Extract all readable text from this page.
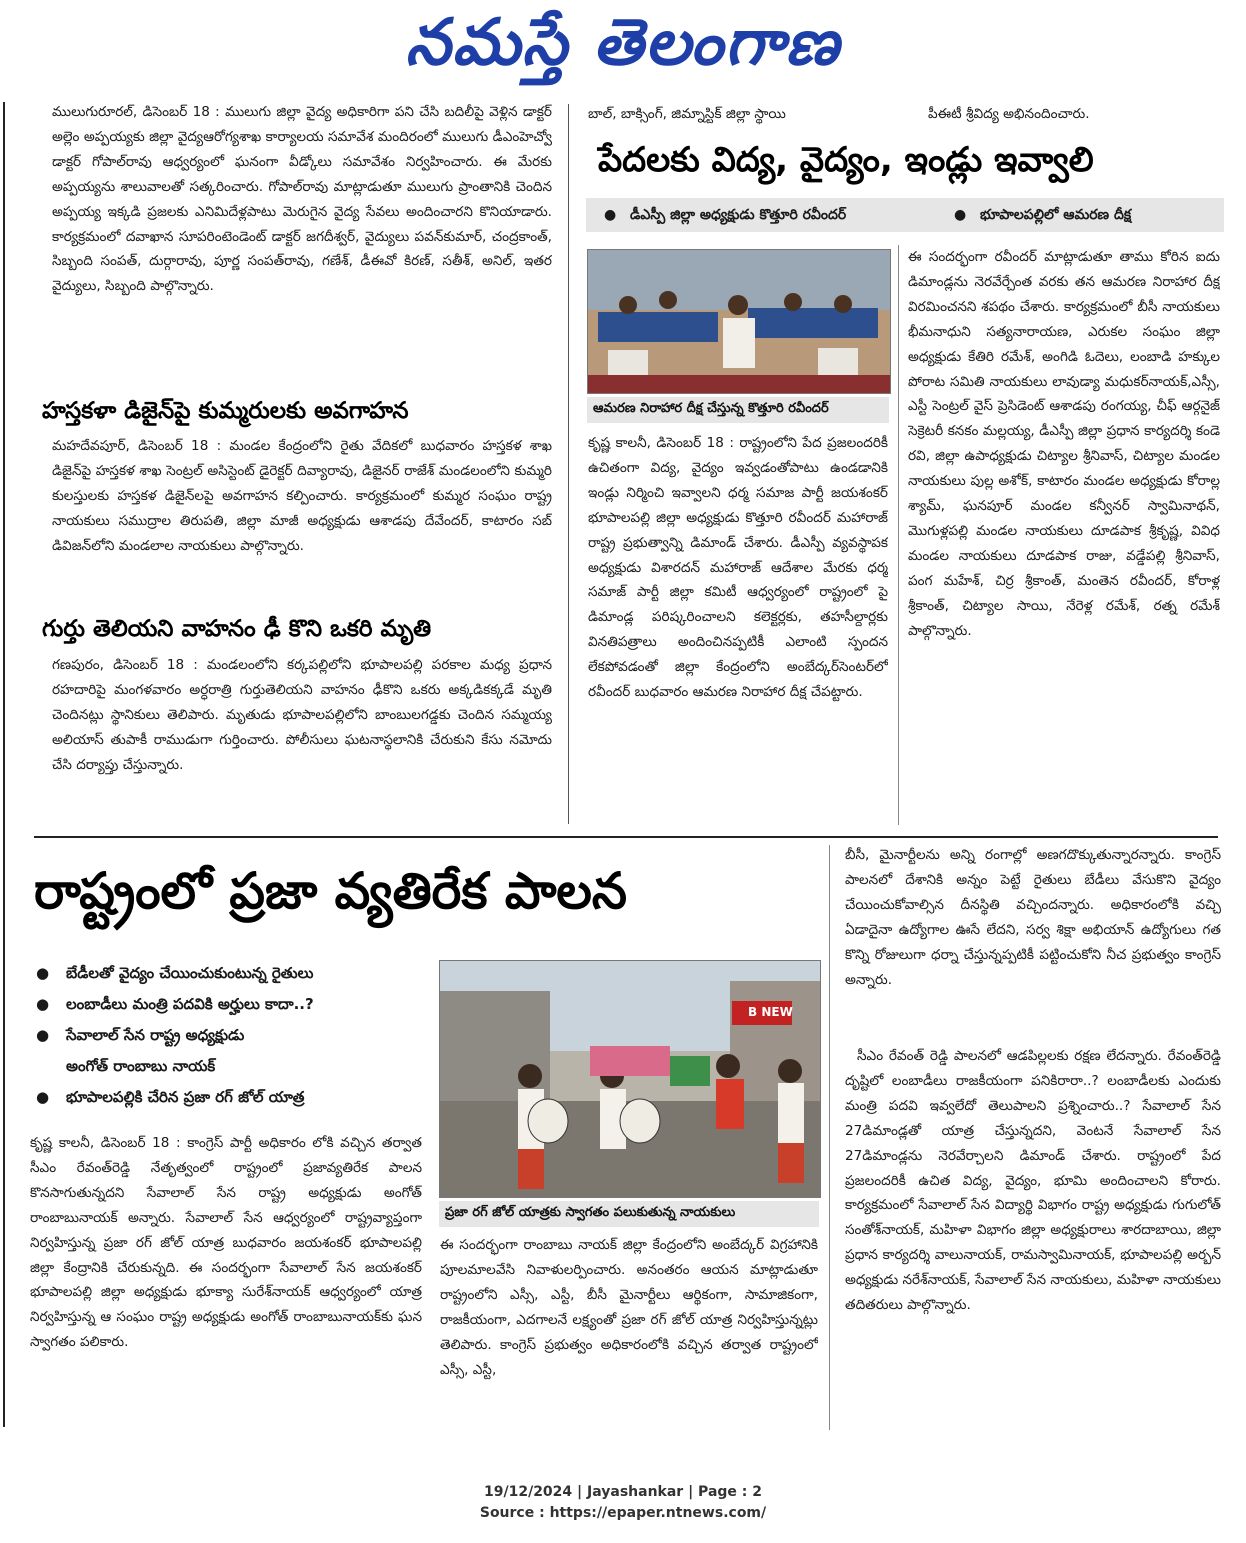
నమస్తే తెలంగాణ
ములుగురూరల్, డిసెంబర్ 18 : ములుగు జిల్లా వైద్య అధికారిగా పని చేసి బదిలీపై వెళ్లిన డాక్టర్ అల్లెం అప్పయ్యకు జిల్లా వైద్యఆరోగ్యశాఖ కార్యాలయ సమావేశ మందిరంలో ములుగు డీఎంహెచ్వో డాక్టర్ గోపాల్‌రావు ఆధ్వర్యంలో ఘనంగా వీడ్కోలు సమావేశం నిర్వహించారు. ఈ మేరకు అప్పయ్యను శాలువాలతో సత్కరించారు. గోపాల్‌రావు మాట్లాడుతూ ములుగు ప్రాంతానికి చెందిన అప్పయ్య ఇక్కడి ప్రజలకు ఎనిమిదేళ్లపాటు మెరుగైన వైద్య సేవలు అందించారని కొనియాడారు. కార్యక్రమంలో దవాఖాన సూపరింటెండెంట్ డాక్టర్ జగదీశ్వర్, వైద్యులు పవన్‌కుమార్, చంద్రకాంత్, సిబ్బంది సంపత్, దుర్గారావు, పూర్ణ సంపత్‌రావు, గణేశ్, డీఈవో కిరణ్, సతీశ్, అనిల్, ఇతర వైద్యులు, సిబ్బంది పాల్గొన్నారు.
హస్తకళా డిజైన్‌పై కుమ్మరులకు అవగాహన
మహదేవపూర్, డిసెంబర్ 18 : మండల కేంద్రంలోని రైతు వేదికలో బుధవారం హస్తకళ శాఖ డిజైన్‌పై హస్తకళ శాఖ సెంట్రల్ అసిస్టెంట్ డైరెక్టర్ దివ్యారావు, డిజైనర్ రాజేశ్ మండలంలోని కుమ్మరి కులస్తులకు హస్తకళ డిజైన్‌లపై అవగాహన కల్పించారు. కార్యక్రమంలో కుమ్మర సంఘం రాష్ట్ర నాయకులు సముద్రాల తిరుపతి, జిల్లా మాజీ అధ్యక్షుడు ఆశాడపు దేవేందర్, కాటారం సబ్ డివిజన్‌లోని మండలాల నాయకులు పాల్గొన్నారు.
గుర్తు తెలియని వాహనం ఢీ కొని ఒకరి మృతి
గణపురం, డిసెంబర్ 18 : మండలంలోని కర్కపల్లిలోని భూపాలపల్లి పరకాల మధ్య ప్రధాన రహదారిపై మంగళవారం అర్ధరాత్రి గుర్తుతెలియని వాహనం ఢీకొని ఒకరు అక్కడికక్కడే మృతి చెందినట్లు స్థానికులు తెలిపారు. మృతుడు భూపాలపల్లిలోని బాంబులగడ్డకు చెందిన సమ్మయ్య అలియాస్ తుపాకీ రాముడుగా గుర్తించారు. పోలీసులు ఘటనాస్థలానికి చేరుకుని కేసు నమోదు చేసి దర్యాప్తు చేస్తున్నారు.
బాల్, బాక్సింగ్, జిమ్నాస్టిక్ జిల్లా స్థాయి	పీఈటీ శ్రీవిద్య అభినందించారు.
పేదలకు విద్య, వైద్యం, ఇండ్లు ఇవ్వాలి
● డీఎస్పీ జిల్లా అధ్యక్షుడు కొత్తూరి రవీందర్	● భూపాలపల్లిలో ఆమరణ దీక్ష
ఆమరణ నిరాహార దీక్ష చేస్తున్న కొత్తూరి రవీందర్
కృష్ణ కాలనీ, డిసెంబర్ 18 : రాష్ట్రంలోని పేద ప్రజలందరికీ ఉచితంగా విద్య, వైద్యం ఇవ్వడంతోపాటు ఉండడానికి ఇండ్లు నిర్మించి ఇవ్వాలని ధర్మ సమాజ పార్టీ జయశంకర్ భూపాలపల్లి జిల్లా అధ్యక్షుడు కొత్తూరి రవీందర్ మహారాజ్ రాష్ట్ర ప్రభుత్వాన్ని డిమాండ్ చేశారు. డీఎస్పీ వ్యవస్థాపక అధ్యక్షుడు విశారదన్ మహారాజ్ ఆదేశాల మేరకు ధర్మ సమాజ్ పార్టీ జిల్లా కమిటీ ఆధ్వర్యంలో రాష్ట్రంలో పై డిమాండ్ల పరిష్కరించాలని కలెక్టర్లకు, తహసీల్దార్లకు వినతిపత్రాలు అందించినప్పటికీ ఎలాంటి స్పందన లేకపోవడంతో జిల్లా కేంద్రంలోని అంబేద్కర్‌సెంటర్‌లో రవీందర్ బుధవారం ఆమరణ నిరాహార దీక్ష చేపట్టారు.
ఈ సందర్భంగా రవీందర్ మాట్లాడుతూ తాము కోరిన ఐదు డిమాండ్లను నెరవేర్చేంత వరకు తన ఆమరణ నిరాహార దీక్ష విరమించనని శపథం చేశారు. కార్యక్రమంలో బీసీ నాయకులు భీమనాధుని సత్యనారాయణ, ఎరుకల సంఘం జిల్లా అధ్యక్షుడు కేతిరి రమేశ్, అంగిడి ఓదెలు, లంబాడి హక్కుల పోరాట సమితి నాయకులు లావుడ్యా మధుకర్‌నాయక్,ఎస్సీ, ఎస్టీ సెంట్రల్ వైస్ ప్రెసిడెంట్ ఆశాడపు రంగయ్య, చీఫ్ ఆర్గనైజ్ సెక్రెటరీ కనకం మల్లయ్య, డీఎస్పీ జిల్లా ప్రధాన కార్యదర్శి కండె రవి, జిల్లా ఉపాధ్యక్షుడు చిట్యాల శ్రీనివాస్, చిట్యాల మండల నాయకులు పుల్ల అశోక్, కాటారం మండల అధ్యక్షుడు కోరాల్ల శ్యామ్, ఘనపూర్ మండల కన్వీనర్ స్వామినాథన్, మొగుళ్లపల్లి మండల నాయకులు దూడపాక శ్రీకృష్ణ, వివిధ మండల నాయకులు దూడపాక రాజు, వడ్డేపల్లి శ్రీనివాస్, పంగ మహేశ్, చిర్ర శ్రీకాంత్, మంతెన రవీందర్, కోరాళ్ల శ్రీకాంత్, చిట్యాల సాయి, నేరెళ్ల రమేశ్, రత్న రమేశ్ పాల్గొన్నారు.
రాష్ట్రంలో ప్రజా వ్యతిరేక పాలన
● బేడీలతో వైద్యం చేయించుకుంటున్న రైతులు
● లంబాడీలు మంత్రి పదవికి అర్హులు కాదా..?
● సేవాలాల్ సేన రాష్ట్ర అధ్యక్షుడు
అంగోత్ రాంబాబు నాయక్
● భూపాలపల్లికి చేరిన ప్రజా రగ్ జోల్ యాత్ర
B NEW
ప్రజా రగ్ జోల్ యాత్రకు స్వాగతం పలుకుతున్న నాయకులు
కృష్ణ కాలనీ, డిసెంబర్ 18 : కాంగ్రెస్ పార్టీ అధికారం లోకి వచ్చిన తర్వాత సీఎం రేవంత్‌రెడ్డి నేతృత్వంలో రాష్ట్రంలో ప్రజావ్యతిరేక పాలన కొనసాగుతున్నదని సేవాలాల్ సేన రాష్ట్ర అధ్యక్షుడు అంగోత్ రాంబాబునాయక్ అన్నారు. సేవాలాల్ సేన ఆధ్వర్యంలో రాష్ట్రవ్యాప్తంగా నిర్వహిస్తున్న ప్రజా రగ్ జోల్ యాత్ర బుధవారం జయశంకర్ భూపాలపల్లి జిల్లా కేంద్రానికి చేరుకున్నది. ఈ సందర్భంగా సేవాలాల్ సేన జయశంకర్ భూపాలపల్లి జిల్లా అధ్యక్షుడు భూక్యా సురేశ్‌నాయక్ ఆధ్వర్యంలో యాత్ర నిర్వహిస్తున్న ఆ సంఘం రాష్ట్ర అధ్యక్షుడు అంగోత్ రాంబాబునాయక్‌కు ఘన స్వాగతం పలికారు.
ఈ సందర్భంగా రాంబాబు నాయక్ జిల్లా కేంద్రంలోని అంబేద్కర్ విగ్రహానికి పూలమాలవేసి నివాళులర్పించారు. అనంతరం ఆయన మాట్లాడుతూ రాష్ట్రంలోని ఎస్సీ, ఎస్టీ, బీసీ మైనార్టీలు ఆర్థికంగా, సామాజికంగా, రాజకీయంగా, ఎదగాలనే లక్ష్యంతో ప్రజా రగ్ జోల్ యాత్ర నిర్వహిస్తున్నట్లు తెలిపారు. కాంగ్రెస్ ప్రభుత్వం అధికారంలోకి వచ్చిన తర్వాత రాష్ట్రంలో ఎస్సీ, ఎస్టీ,
బీసీ, మైనార్టీలను అన్ని రంగాల్లో అణగదొక్కుతున్నారన్నారు. కాంగ్రెస్ పాలనలో దేశానికి అన్నం పెట్టే రైతులు బేడీలు వేసుకొని వైద్యం చేయించుకోవాల్సిన దీనస్థితి వచ్చిందన్నారు. అధికారంలోకి వచ్చి ఏడాదైనా ఉద్యోగాల ఊసే లేదని, సర్వ శిక్షా అభియాన్ ఉద్యోగులు గత కొన్ని రోజులుగా ధర్నా చేస్తున్నప్పటికీ పట్టించుకోని నీచ ప్రభుత్వం కాంగ్రెస్ అన్నారు.
సీఎం రేవంత్ రెడ్డి పాలనలో ఆడపిల్లలకు రక్షణ లేదన్నారు. రేవంత్‌రెడ్డి దృష్టిలో లంబాడీలు రాజకీయంగా పనికిరారా..? లంబాడీలకు ఎందుకు మంత్రి పదవి ఇవ్వలేదో తెలుపాలని ప్రశ్నించారు..? సేవాలాల్ సేన 27డిమాండ్లతో యాత్ర చేస్తున్నదని, వెంటనే సేవాలాల్ సేన 27డిమాండ్లను నెరవేర్చాలని డిమాండ్ చేశారు. రాష్ట్రంలో పేద ప్రజలందరికీ ఉచిత విద్య, వైద్యం, భూమి అందించాలని కోరారు. కార్యక్రమంలో సేవాలాల్ సేన విద్యార్థి విభాగం రాష్ట్ర అధ్యక్షుడు గుగులోత్ సంతోశ్‌నాయక్, మహిళా విభాగం జిల్లా అధ్యక్షురాలు శారదాబాయి, జిల్లా ప్రధాన కార్యదర్శి వాలునాయక్, రామస్వామినాయక్, భూపాలపల్లి అర్బన్ అధ్యక్షుడు నరేశ్‌నాయక్, సేవాలాల్ సేన నాయకులు, మహిళా నాయకులు తదితరులు పాల్గొన్నారు.
19/12/2024 | Jayashankar | Page : 2
Source : https://epaper.ntnews.com/
